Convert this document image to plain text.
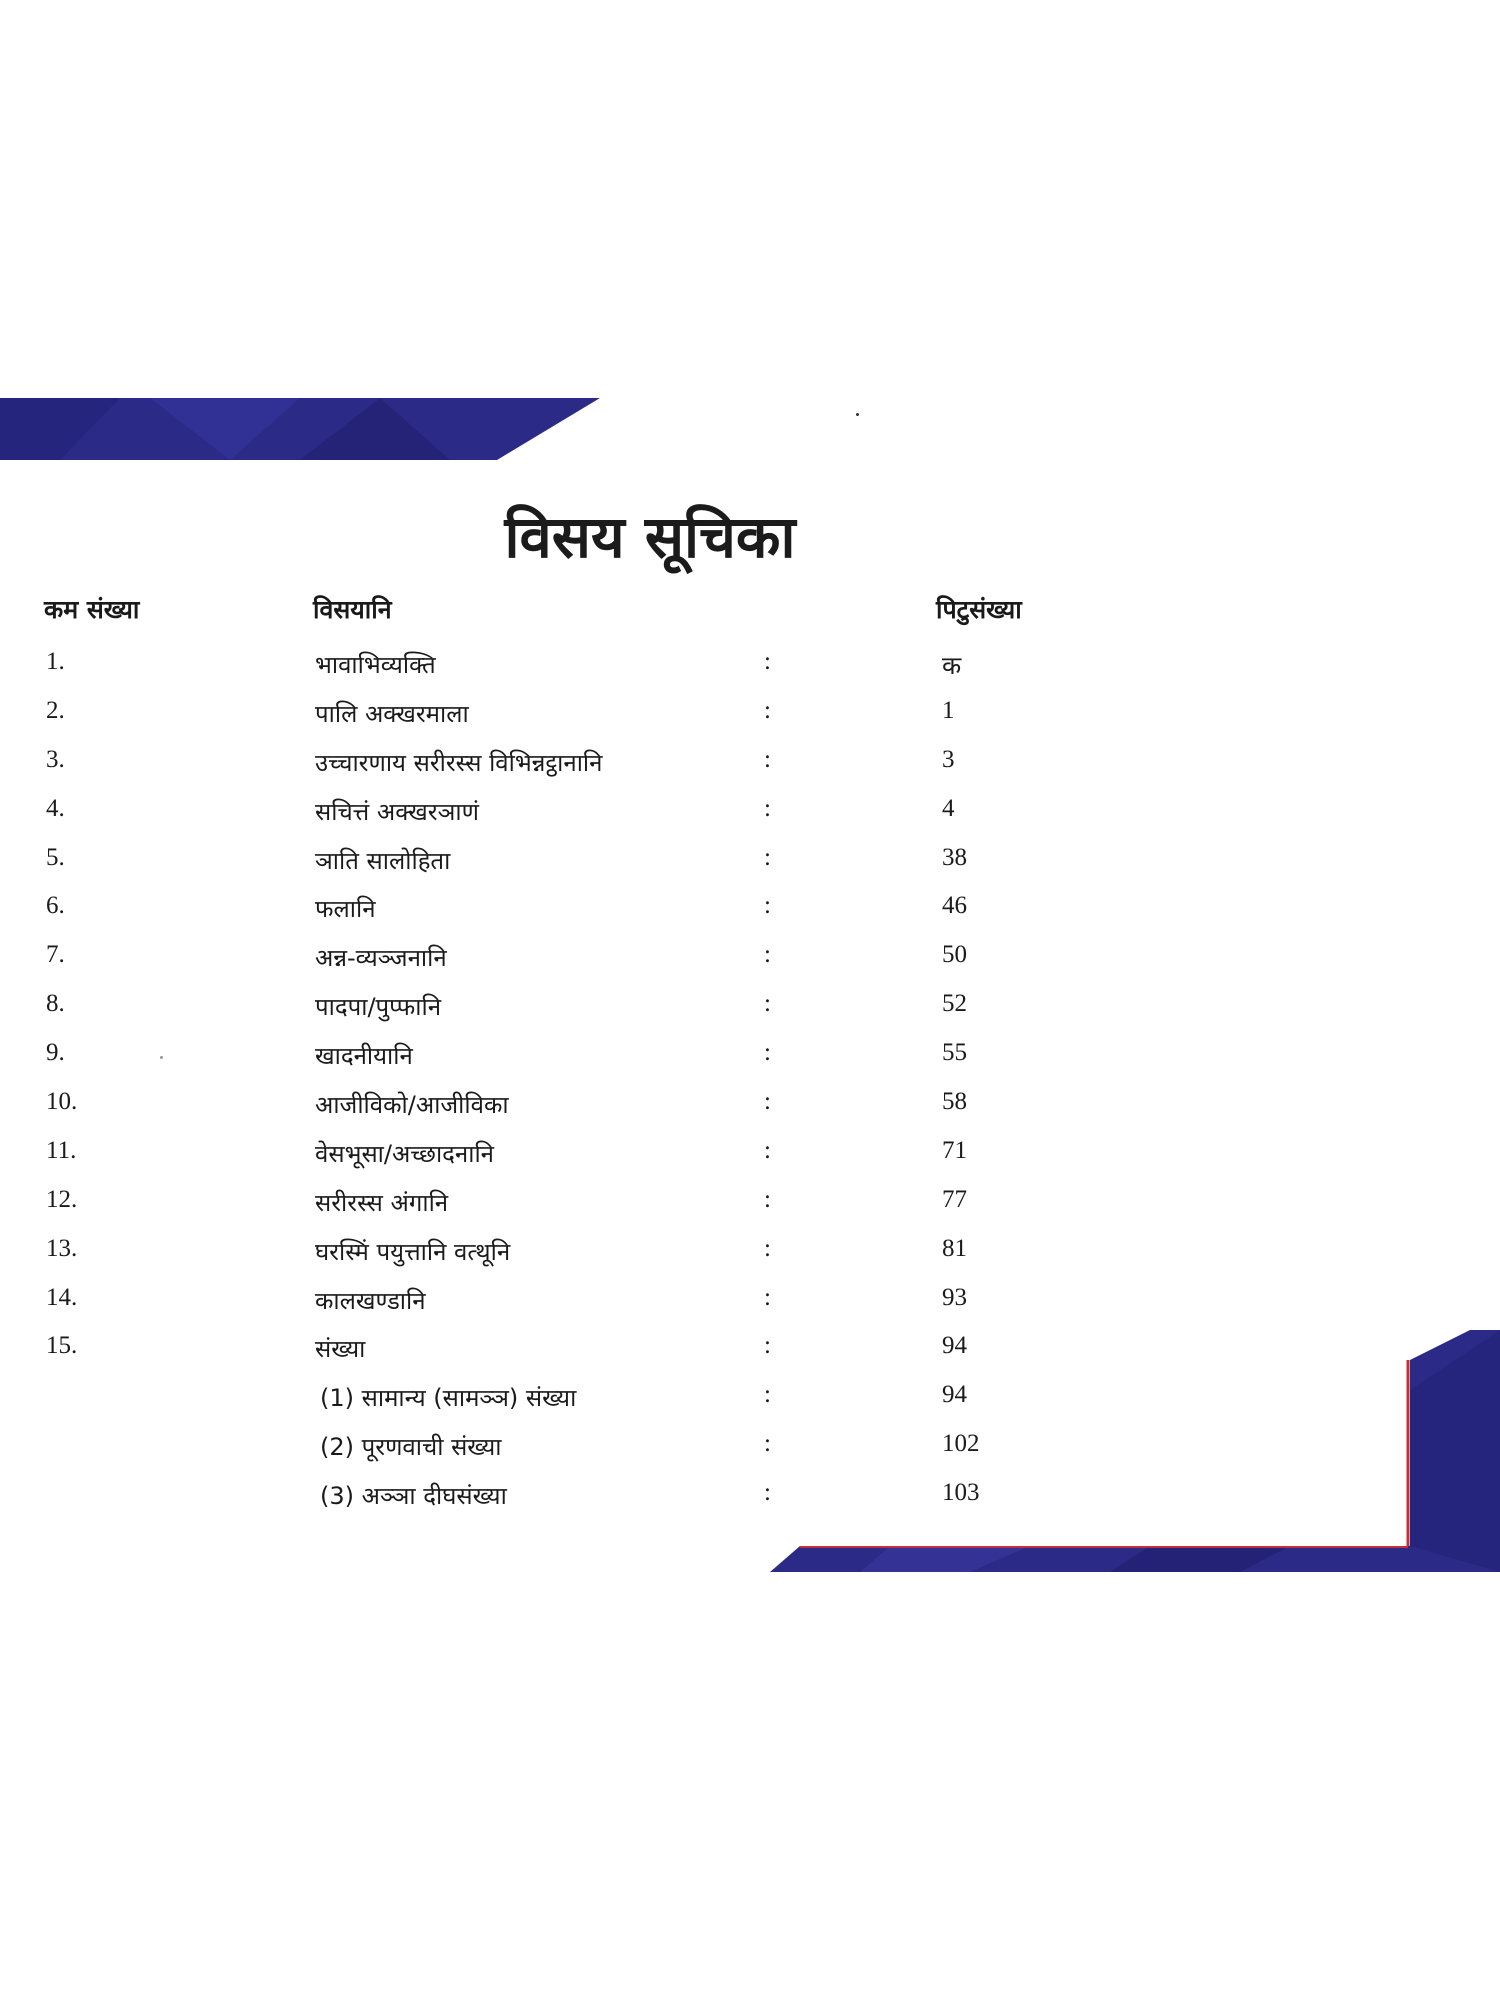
विसय सूचिका
कम संख्या	विसयानि	पिटुसंख्या
1.	भावाभिव्यक्ति	:	क
2.	पालि अक्खरमाला	:	1
3.	उच्चारणाय सरीरस्स विभिन्नट्ठानानि	:	3
4.	सचित्तं अक्खरञाणं	:	4
5.	ञाति सालोहिता	:	38
6.	फलानि	:	46
7.	अन्न-व्यञ्जनानि	:	50
8.	पादपा/पुप्फानि	:	52
9.	खादनीयानि	:	55
10.	आजीविको/आजीविका	:	58
11.	वेसभूसा/अच्छादनानि	:	71
12.	सरीरस्स अंगानि	:	77
13.	घरस्मिं पयुत्तानि वत्थूनि	:	81
14.	कालखण्डानि	:	93
15.	संख्या	:	94
(1) सामान्य (सामञ्ञ) संख्या	:	94
(2) पूरणवाची संख्या	:	102
(3) अञ्ञा दीघसंख्या	:	103
